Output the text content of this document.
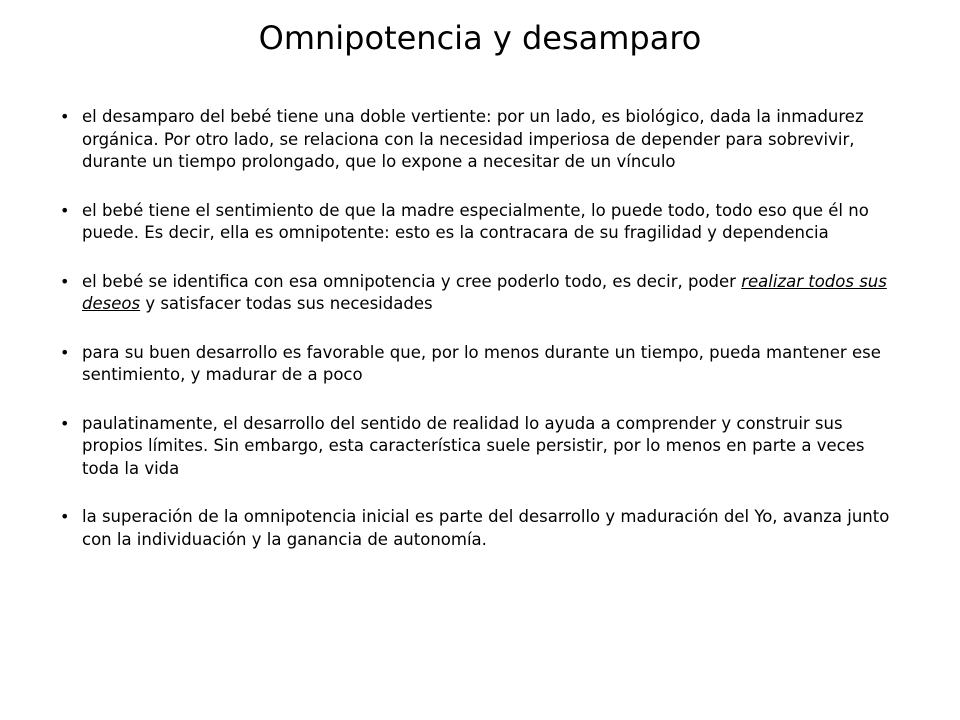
Omnipotencia y desamparo
• el desamparo del bebé tiene una doble vertiente: por un lado, es biológico, dada la inmadurez orgánica. Por otro lado, se relaciona con la necesidad imperiosa de depender para sobrevivir, durante un tiempo prolongado, que lo expone a necesitar de un vínculo
• el bebé tiene el sentimiento de que la madre especialmente, lo puede todo, todo eso que él no puede. Es decir, ella es omnipotente: esto es la contracara de su fragilidad y dependencia
• el bebé se identifica con esa omnipotencia y cree poderlo todo, es decir, poder realizar todos sus deseos y satisfacer todas sus necesidades
• para su buen desarrollo es favorable que, por lo menos durante un tiempo, pueda mantener ese sentimiento, y madurar de a poco
• paulatinamente, el desarrollo del sentido de realidad lo ayuda a comprender y construir sus propios límites. Sin embargo, esta característica suele persistir, por lo menos en parte a veces toda la vida
• la superación de la omnipotencia inicial es parte del desarrollo y maduración del Yo, avanza junto con la individuación y la ganancia de autonomía.
